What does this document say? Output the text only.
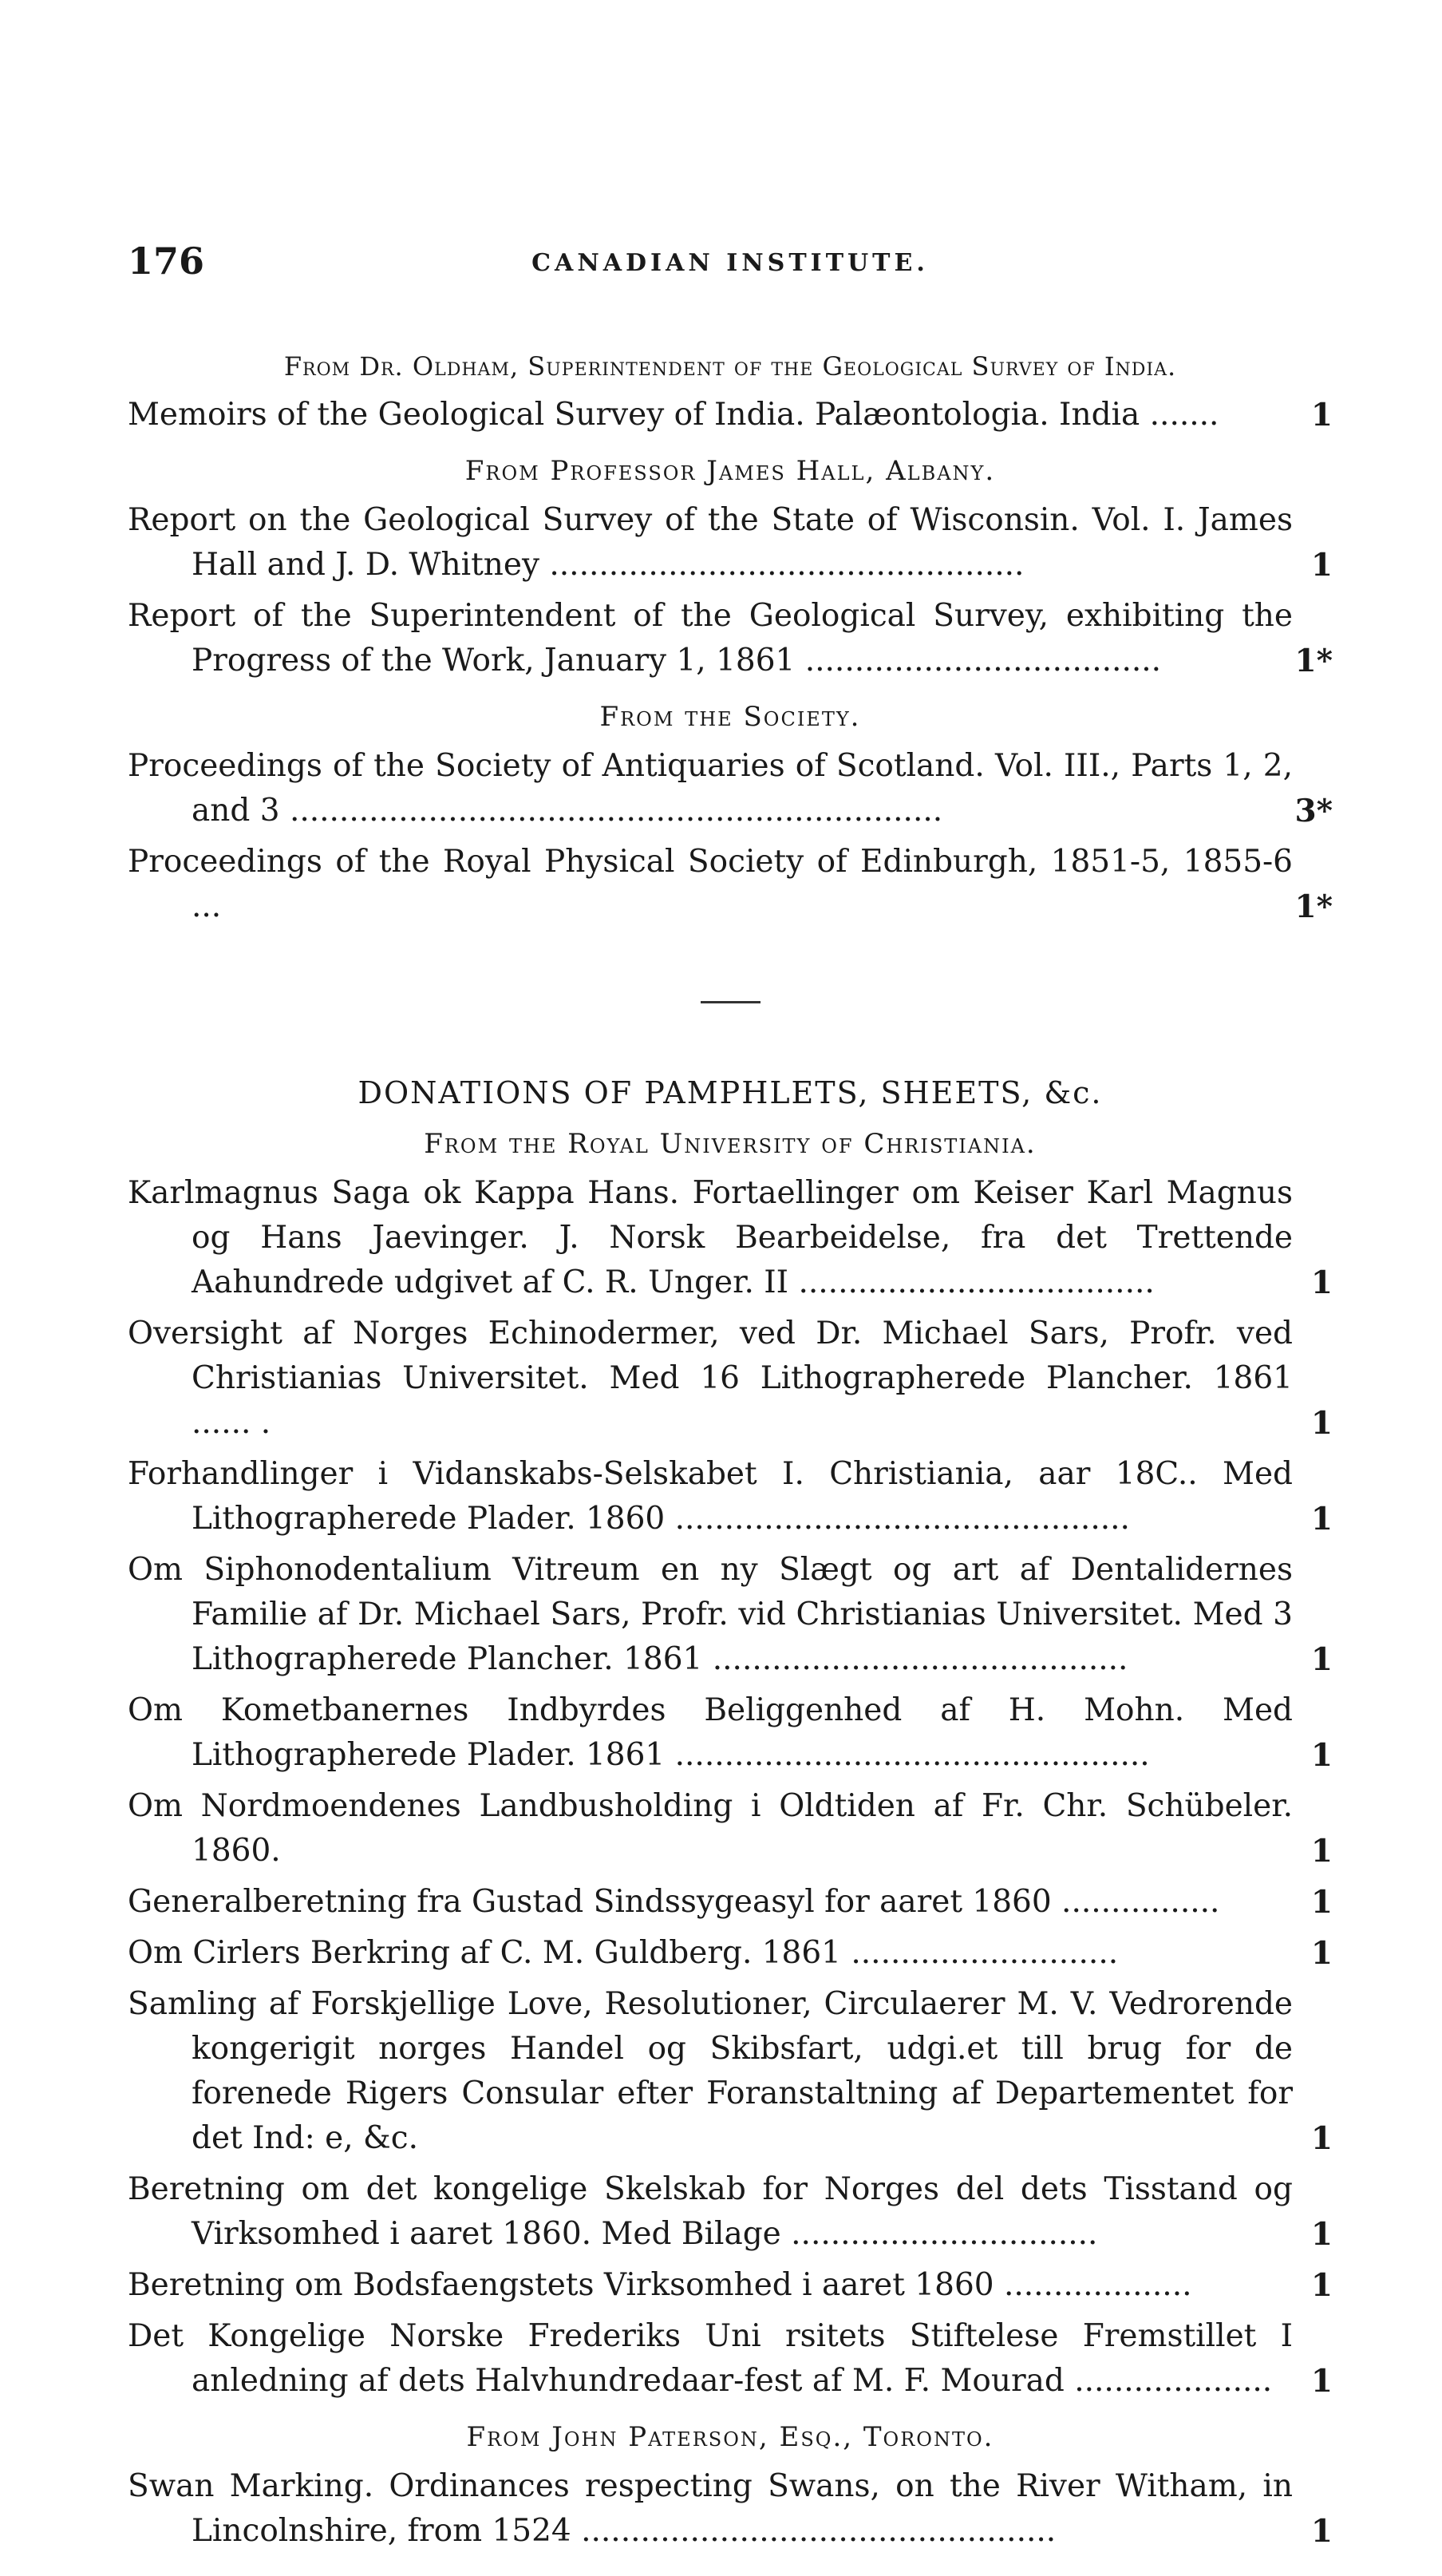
176	CANADIAN INSTITUTE.
From Dr. Oldham, Superintendent of the Geological Survey of India.
Memoirs of the Geological Survey of India. Palæontologia. India .......	1
From Professor James Hall, Albany.
Report on the Geological Survey of the State of Wisconsin. Vol. I. James Hall and J. D. Whitney ................................................	1
Report of the Superintendent of the Geological Survey, exhibiting the Progress of the Work, January 1, 1861 ....................................	1*
From the Society.
Proceedings of the Society of Antiquaries of Scotland. Vol. III., Parts 1, 2, and 3 ..................................................................	3*
Proceedings of the Royal Physical Society of Edinburgh, 1851-5, 1855-6 ...	1*
DONATIONS OF PAMPHLETS, SHEETS, &c.
From the Royal University of Christiania.
Karlmagnus Saga ok Kappa Hans. Fortaellinger om Keiser Karl Magnus og Hans Jaevinger. J. Norsk Bearbeidelse, fra det Trettende Aahundrede udgivet af C. R. Unger. II ....................................	1
Oversight af Norges Echinodermer, ved Dr. Michael Sars, Profr. ved Christianias Universitet. Med 16 Lithographerede Plancher. 1861 ...... .	1
Forhandlinger i Vidanskabs-Selskabet I. Christiania, aar 18C.. Med Lithographerede Plader. 1860 ..............................................	1
Om Siphonodentalium Vitreum en ny Slægt og art af Dentalidernes Familie af Dr. Michael Sars, Profr. vid Christianias Universitet. Med 3 Lithographerede Plancher. 1861 ..........................................	1
Om Kometbanernes Indbyrdes Beliggenhed af H. Mohn. Med Lithographerede Plader. 1861 ................................................	1
Om Nordmoendenes Landbusholding i Oldtiden af Fr. Chr. Schübeler. 1860.	1
Generalberetning fra Gustad Sindssygeasyl for aaret 1860 ................	1
Om Cirlers Berkring af C. M. Guldberg. 1861 ...........................	1
Samling af Forskjellige Love, Resolutioner, Circulaerer M. V. Vedrorende kongerigit norges Handel og Skibsfart, udgi.et till brug for de forenede Rigers Consular efter Foranstaltning af Departementet for det Ind: e, &c.	1
Beretning om det kongelige Skelskab for Norges del dets Tisstand og Virksomhed i aaret 1860. Med Bilage ...............................	1
Beretning om Bodsfaengstets Virksomhed i aaret 1860 ...................	1
Det Kongelige Norske Frederiks Uni rsitets Stiftelese Fremstillet I anledning af dets Halvhundredaar-fest af M. F. Mourad ....................	1
From John Paterson, Esq., Toronto.
Swan Marking. Ordinances respecting Swans, on the River Witham, in Lincolnshire, from 1524 ................................................	1
